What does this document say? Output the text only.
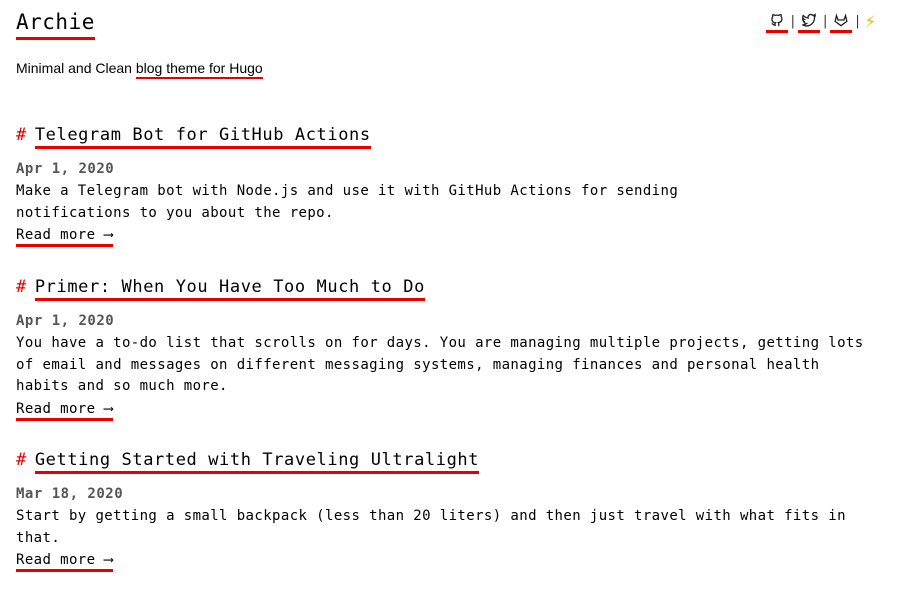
Archie	| | | ⚡
Minimal and Clean blog theme for Hugo
# Telegram Bot for GitHub Actions
Apr 1, 2020
Make a Telegram bot with Node.js and use it with GitHub Actions for sending notifications to you about the repo.
Read more ⟶
# Primer: When You Have Too Much to Do
Apr 1, 2020
You have a to-do list that scrolls on for days. You are managing multiple projects, getting lots of email and messages on different messaging systems, managing finances and personal health habits and so much more.
Read more ⟶
# Getting Started with Traveling Ultralight
Mar 18, 2020
Start by getting a small backpack (less than 20 liters) and then just travel with what fits in that.
Read more ⟶
